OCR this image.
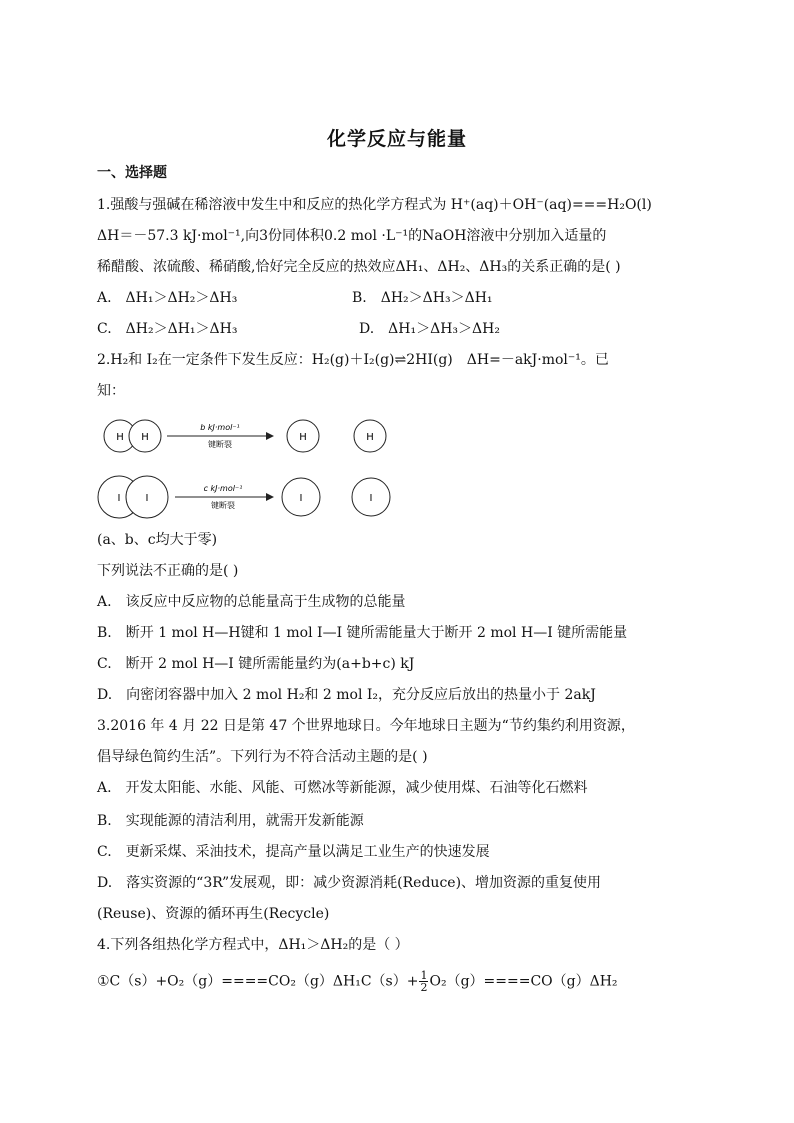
化学反应与能量
一、选择题
1.强酸与强碱在稀溶液中发生中和反应的热化学方程式为 H⁺(aq)＋OH⁻(aq)===H₂O(l)
ΔH＝－57.3 kJ·mol⁻¹,向3份同体积0.2 mol ·L⁻¹的NaOH溶液中分别加入适量的
稀醋酸、浓硫酸、稀硝酸,恰好完全反应的热效应ΔH₁、ΔH₂、ΔH₃的关系正确的是( )
A.　ΔH₁＞ΔH₂＞ΔH₃	B.　ΔH₂＞ΔH₃＞ΔH₁
C.　ΔH₂＞ΔH₁＞ΔH₃	D.　ΔH₁＞ΔH₃＞ΔH₂
2.H₂和 I₂在一定条件下发生反应：H₂(g)＋I₂(g)⇌2HI(g)　ΔH=－akJ·mol⁻¹。已
知：
H H
b kJ·mol⁻¹
键断裂
H	H
I	I
c kJ·mol⁻¹
键断裂
I	I
(a、b、c均大于零)
下列说法不正确的是( )
A.　该反应中反应物的总能量高于生成物的总能量
B.　断开 1 mol H—H键和 1 mol I—I 键所需能量大于断开 2 mol H—I 键所需能量
C.　断开 2 mol H—I 键所需能量约为(a+b+c) kJ
D.　向密闭容器中加入 2 mol H₂和 2 mol I₂，充分反应后放出的热量小于 2akJ
3.2016 年 4 月 22 日是第 47 个世界地球日。今年地球日主题为“节约集约利用资源，
倡导绿色简约生活”。下列行为不符合活动主题的是( )
A.　开发太阳能、水能、风能、可燃冰等新能源，减少使用煤、石油等化石燃料
B.　实现能源的清洁利用，就需开发新能源
C.　更新采煤、采油技术，提高产量以满足工业生产的快速发展
D.　落实资源的“3R”发展观，即：减少资源消耗(Reduce)、增加资源的重复使用
(Reuse)、资源的循环再生(Recycle)
4.下列各组热化学方程式中，ΔH₁＞ΔH₂的是（ ）
①C（s）+O₂（g）====CO₂（g）ΔH₁C（s）+ $\frac{1}{2} O_2(g)====CO(g)\Delta H_2$
